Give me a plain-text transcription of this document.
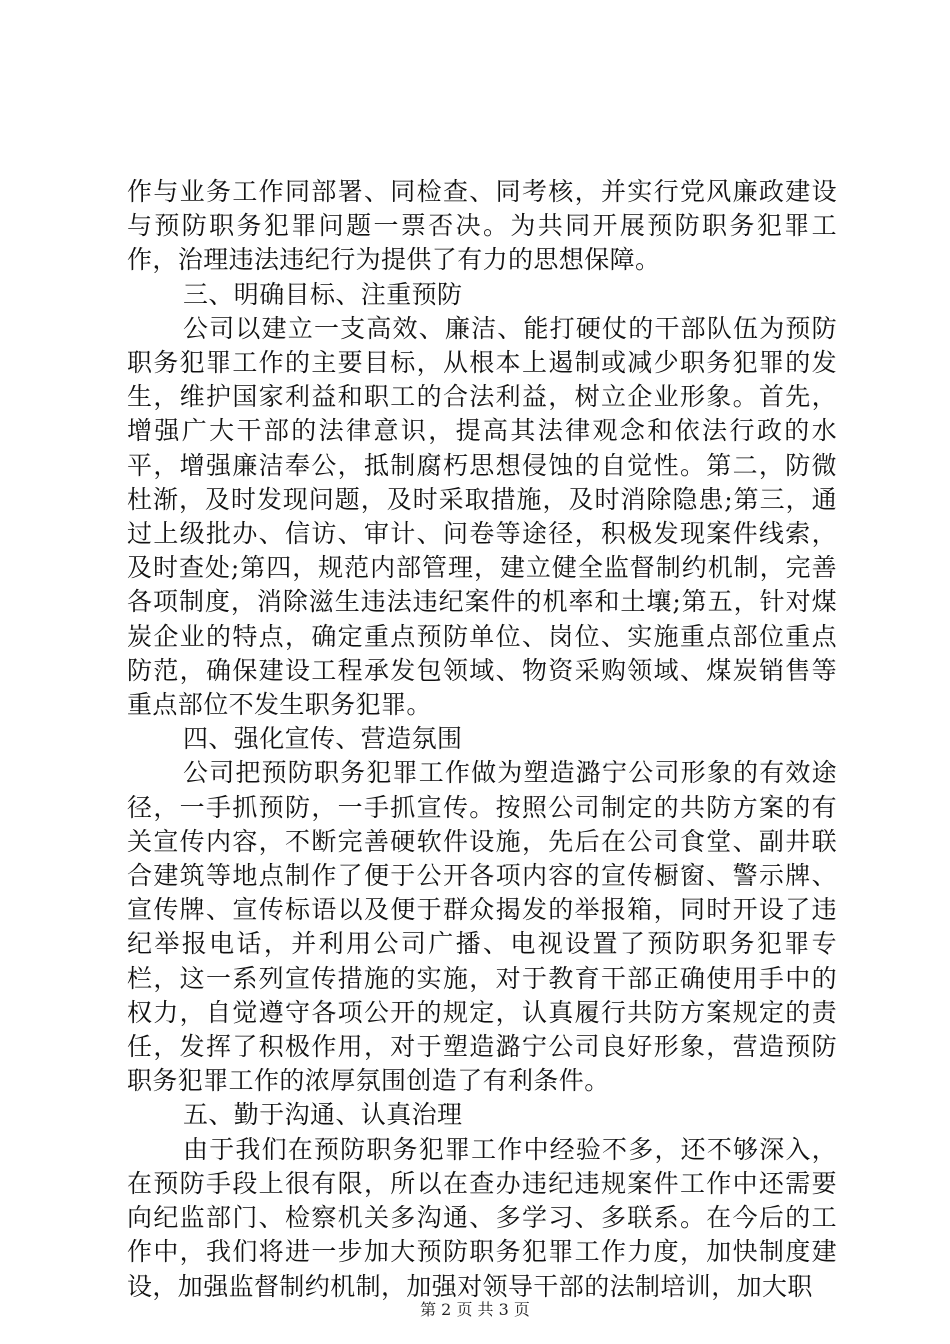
作与业务工作同部署、同检查、同考核，并实行党风廉政建设与预防职务犯罪问题一票否决。为共同开展预防职务犯罪工作，治理违法违纪行为提供了有力的思想保障。

三、明确目标、注重预防

公司以建立一支高效、廉洁、能打硬仗的干部队伍为预防职务犯罪工作的主要目标，从根本上遏制或减少职务犯罪的发生，维护国家利益和职工的合法利益，树立企业形象。首先，增强广大干部的法律意识，提高其法律观念和依法行政的水平，增强廉洁奉公，抵制腐朽思想侵蚀的自觉性。第二，防微杜渐，及时发现问题，及时采取措施，及时消除隐患;第三，通过上级批办、信访、审计、问卷等途径，积极发现案件线索，及时查处;第四，规范内部管理，建立健全监督制约机制，完善各项制度，消除滋生违法违纪案件的机率和土壤;第五，针对煤炭企业的特点，确定重点预防单位、岗位、实施重点部位重点防范，确保建设工程承发包领域、物资采购领域、煤炭销售等重点部位不发生职务犯罪。

四、强化宣传、营造氛围

公司把预防职务犯罪工作做为塑造潞宁公司形象的有效途径，一手抓预防，一手抓宣传。按照公司制定的共防方案的有关宣传内容，不断完善硬软件设施，先后在公司食堂、副井联合建筑等地点制作了便于公开各项内容的宣传橱窗、警示牌、宣传牌、宣传标语以及便于群众揭发的举报箱，同时开设了违纪举报电话，并利用公司广播、电视设置了预防职务犯罪专栏，这一系列宣传措施的实施，对于教育干部正确使用手中的权力，自觉遵守各项公开的规定，认真履行共防方案规定的责任，发挥了积极作用，对于塑造潞宁公司良好形象，营造预防职务犯罪工作的浓厚氛围创造了有利条件。

五、勤于沟通、认真治理

由于我们在预防职务犯罪工作中经验不多，还不够深入，在预防手段上很有限，所以在查办违纪违规案件工作中还需要向纪监部门、检察机关多沟通、多学习、多联系。在今后的工作中，我们将进一步加大预防职务犯罪工作力度，加快制度建设，加强监督制约机制，加强对领导干部的法制培训，加大职

第 2 页 共 3 页
